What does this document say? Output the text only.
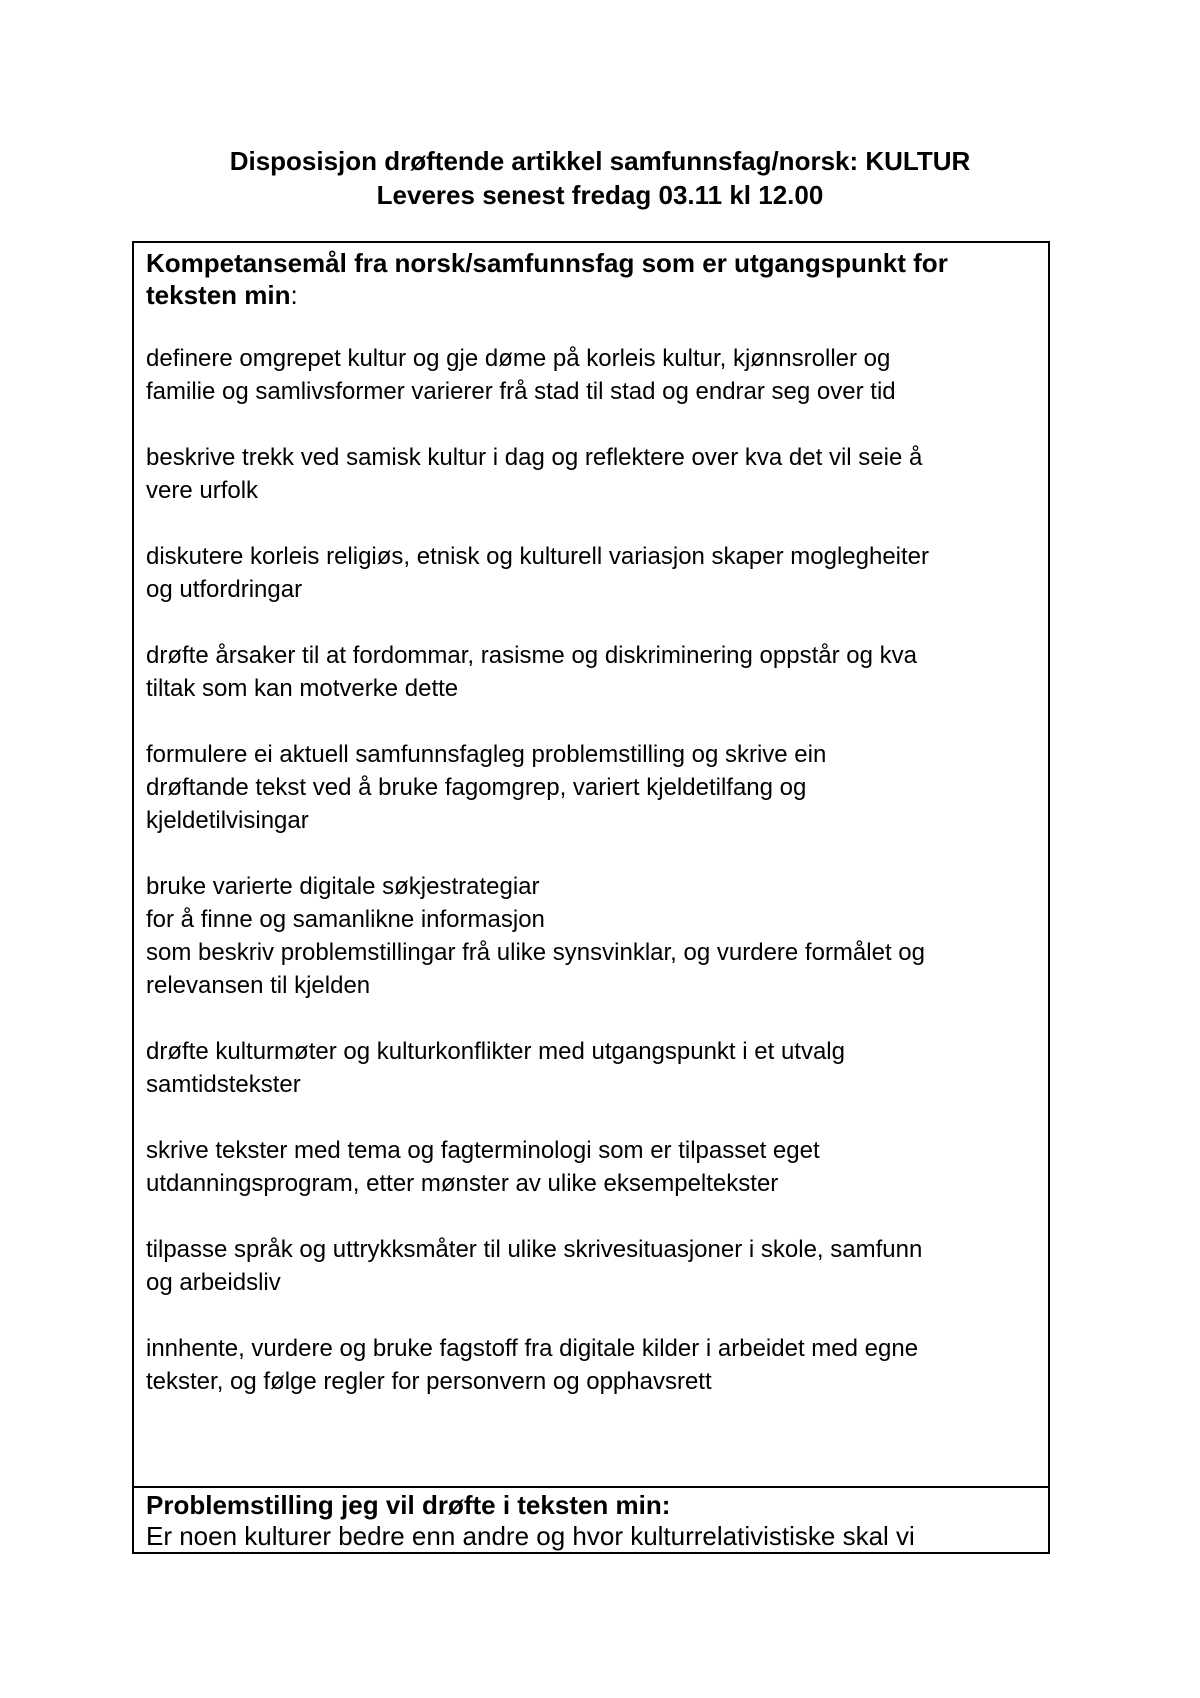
Disposisjon drøftende artikkel samfunnsfag/norsk: KULTUR
Leveres senest fredag 03.11 kl 12.00

Kompetansemål fra norsk/samfunnsfag som er utgangspunkt for teksten min:

definere omgrepet kultur og gje døme på korleis kultur, kjønnsroller og
familie og samlivsformer varierer frå stad til stad og endrar seg over tid
beskrive trekk ved samisk kultur i dag og reflektere over kva det vil seie å
vere urfolk
diskutere korleis religiøs, etnisk og kulturell variasjon skaper moglegheiter
og utfordringar
drøfte årsaker til at fordommar, rasisme og diskriminering oppstår og kva
tiltak som kan motverke dette
formulere ei aktuell samfunnsfagleg problemstilling og skrive ein
drøftande tekst ved å bruke fagomgrep, variert kjeldetilfang og
kjeldetilvisingar
bruke varierte digitale søkjestrategiar
for å finne og samanlikne informasjon
som beskriv problemstillingar frå ulike synsvinklar, og vurdere formålet og
relevansen til kjelden
drøfte kulturmøter og kulturkonflikter med utgangspunkt i et utvalg
samtidstekster
skrive tekster med tema og fagterminologi som er tilpasset eget
utdanningsprogram, etter mønster av ulike eksempeltekster
tilpasse språk og uttrykksmåter til ulike skrivesituasjoner i skole, samfunn
og arbeidsliv
innhente, vurdere og bruke fagstoff fra digitale kilder i arbeidet med egne
tekster, og følge regler for personvern og opphavsrett
Problemstilling jeg vil drøfte i teksten min:
Er noen kulturer bedre enn andre og hvor kulturrelativistiske skal vi
